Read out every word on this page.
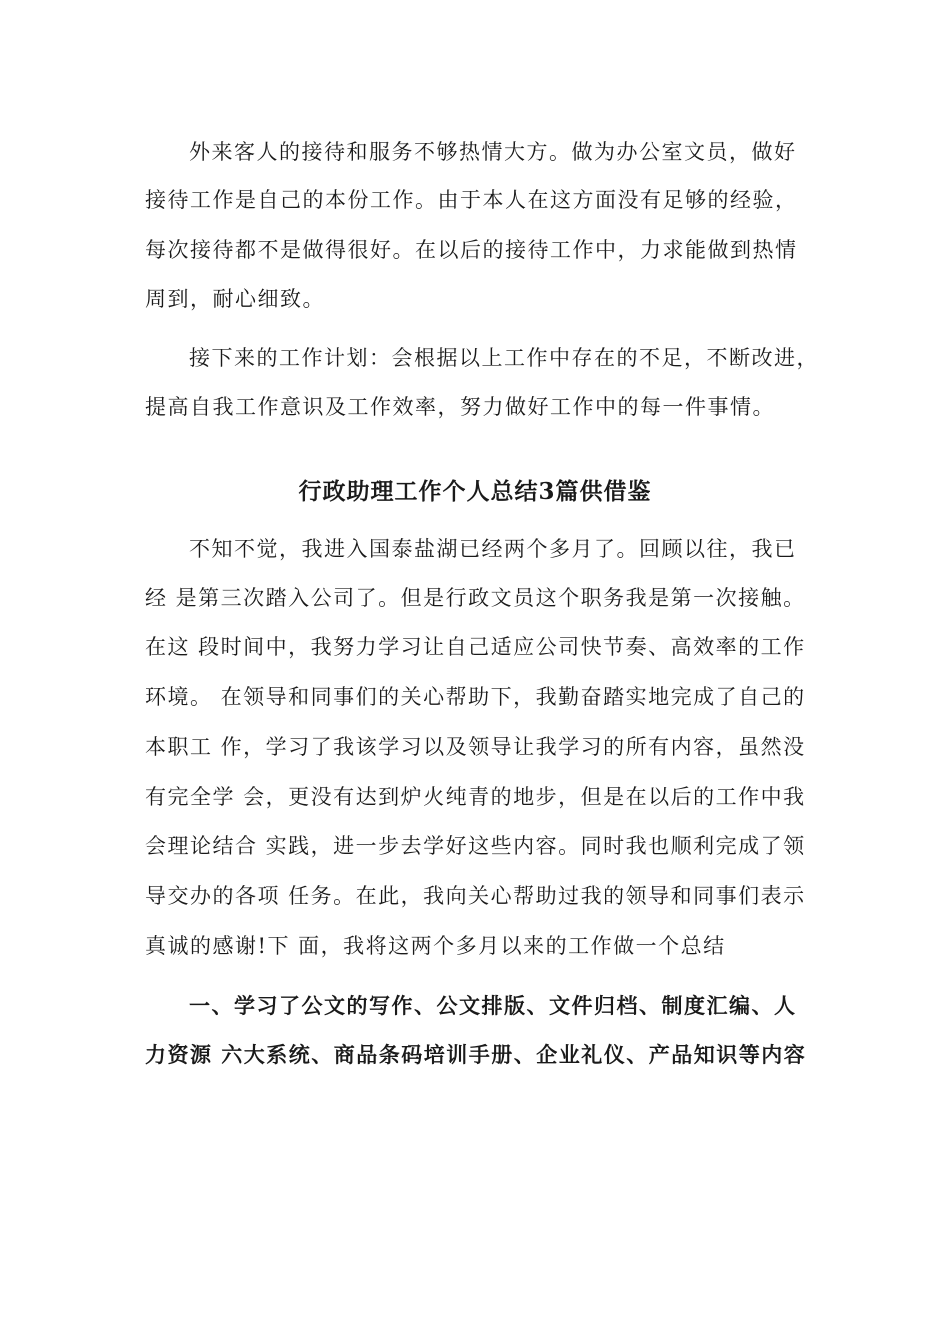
外来客人的接待和服务不够热情大方。做为办公室文员，做好
接待工作是自己的本份工作。由于本人在这方面没有足够的经验，
每次接待都不是做得很好。在以后的接待工作中，力求能做到热情
周到，耐心细致。
接下来的工作计划：会根据以上工作中存在的不足，不断改进，
提高自我工作意识及工作效率，努力做好工作中的每一件事情。
行政助理工作个人总结3篇供借鉴
不知不觉，我进入国泰盐湖已经两个多月了。回顾以往，我已
经 是第三次踏入公司了。但是行政文员这个职务我是第一次接触。
在这 段时间中，我努力学习让自己适应公司快节奏、高效率的工作
环境。 在领导和同事们的关心帮助下，我勤奋踏实地完成了自己的
本职工 作，学习了我该学习以及领导让我学习的所有内容，虽然没
有完全学 会，更没有达到炉火纯青的地步，但是在以后的工作中我
会理论结合 实践，进一步去学好这些内容。同时我也顺利完成了领
导交办的各项 任务。在此，我向关心帮助过我的领导和同事们表示
真诚的感谢!下 面，我将这两个多月以来的工作做一个总结
一、学习了公文的写作、公文排版、文件归档、制度汇编、人
力资源 六大系统、商品条码培训手册、企业礼仪、产品知识等内容
